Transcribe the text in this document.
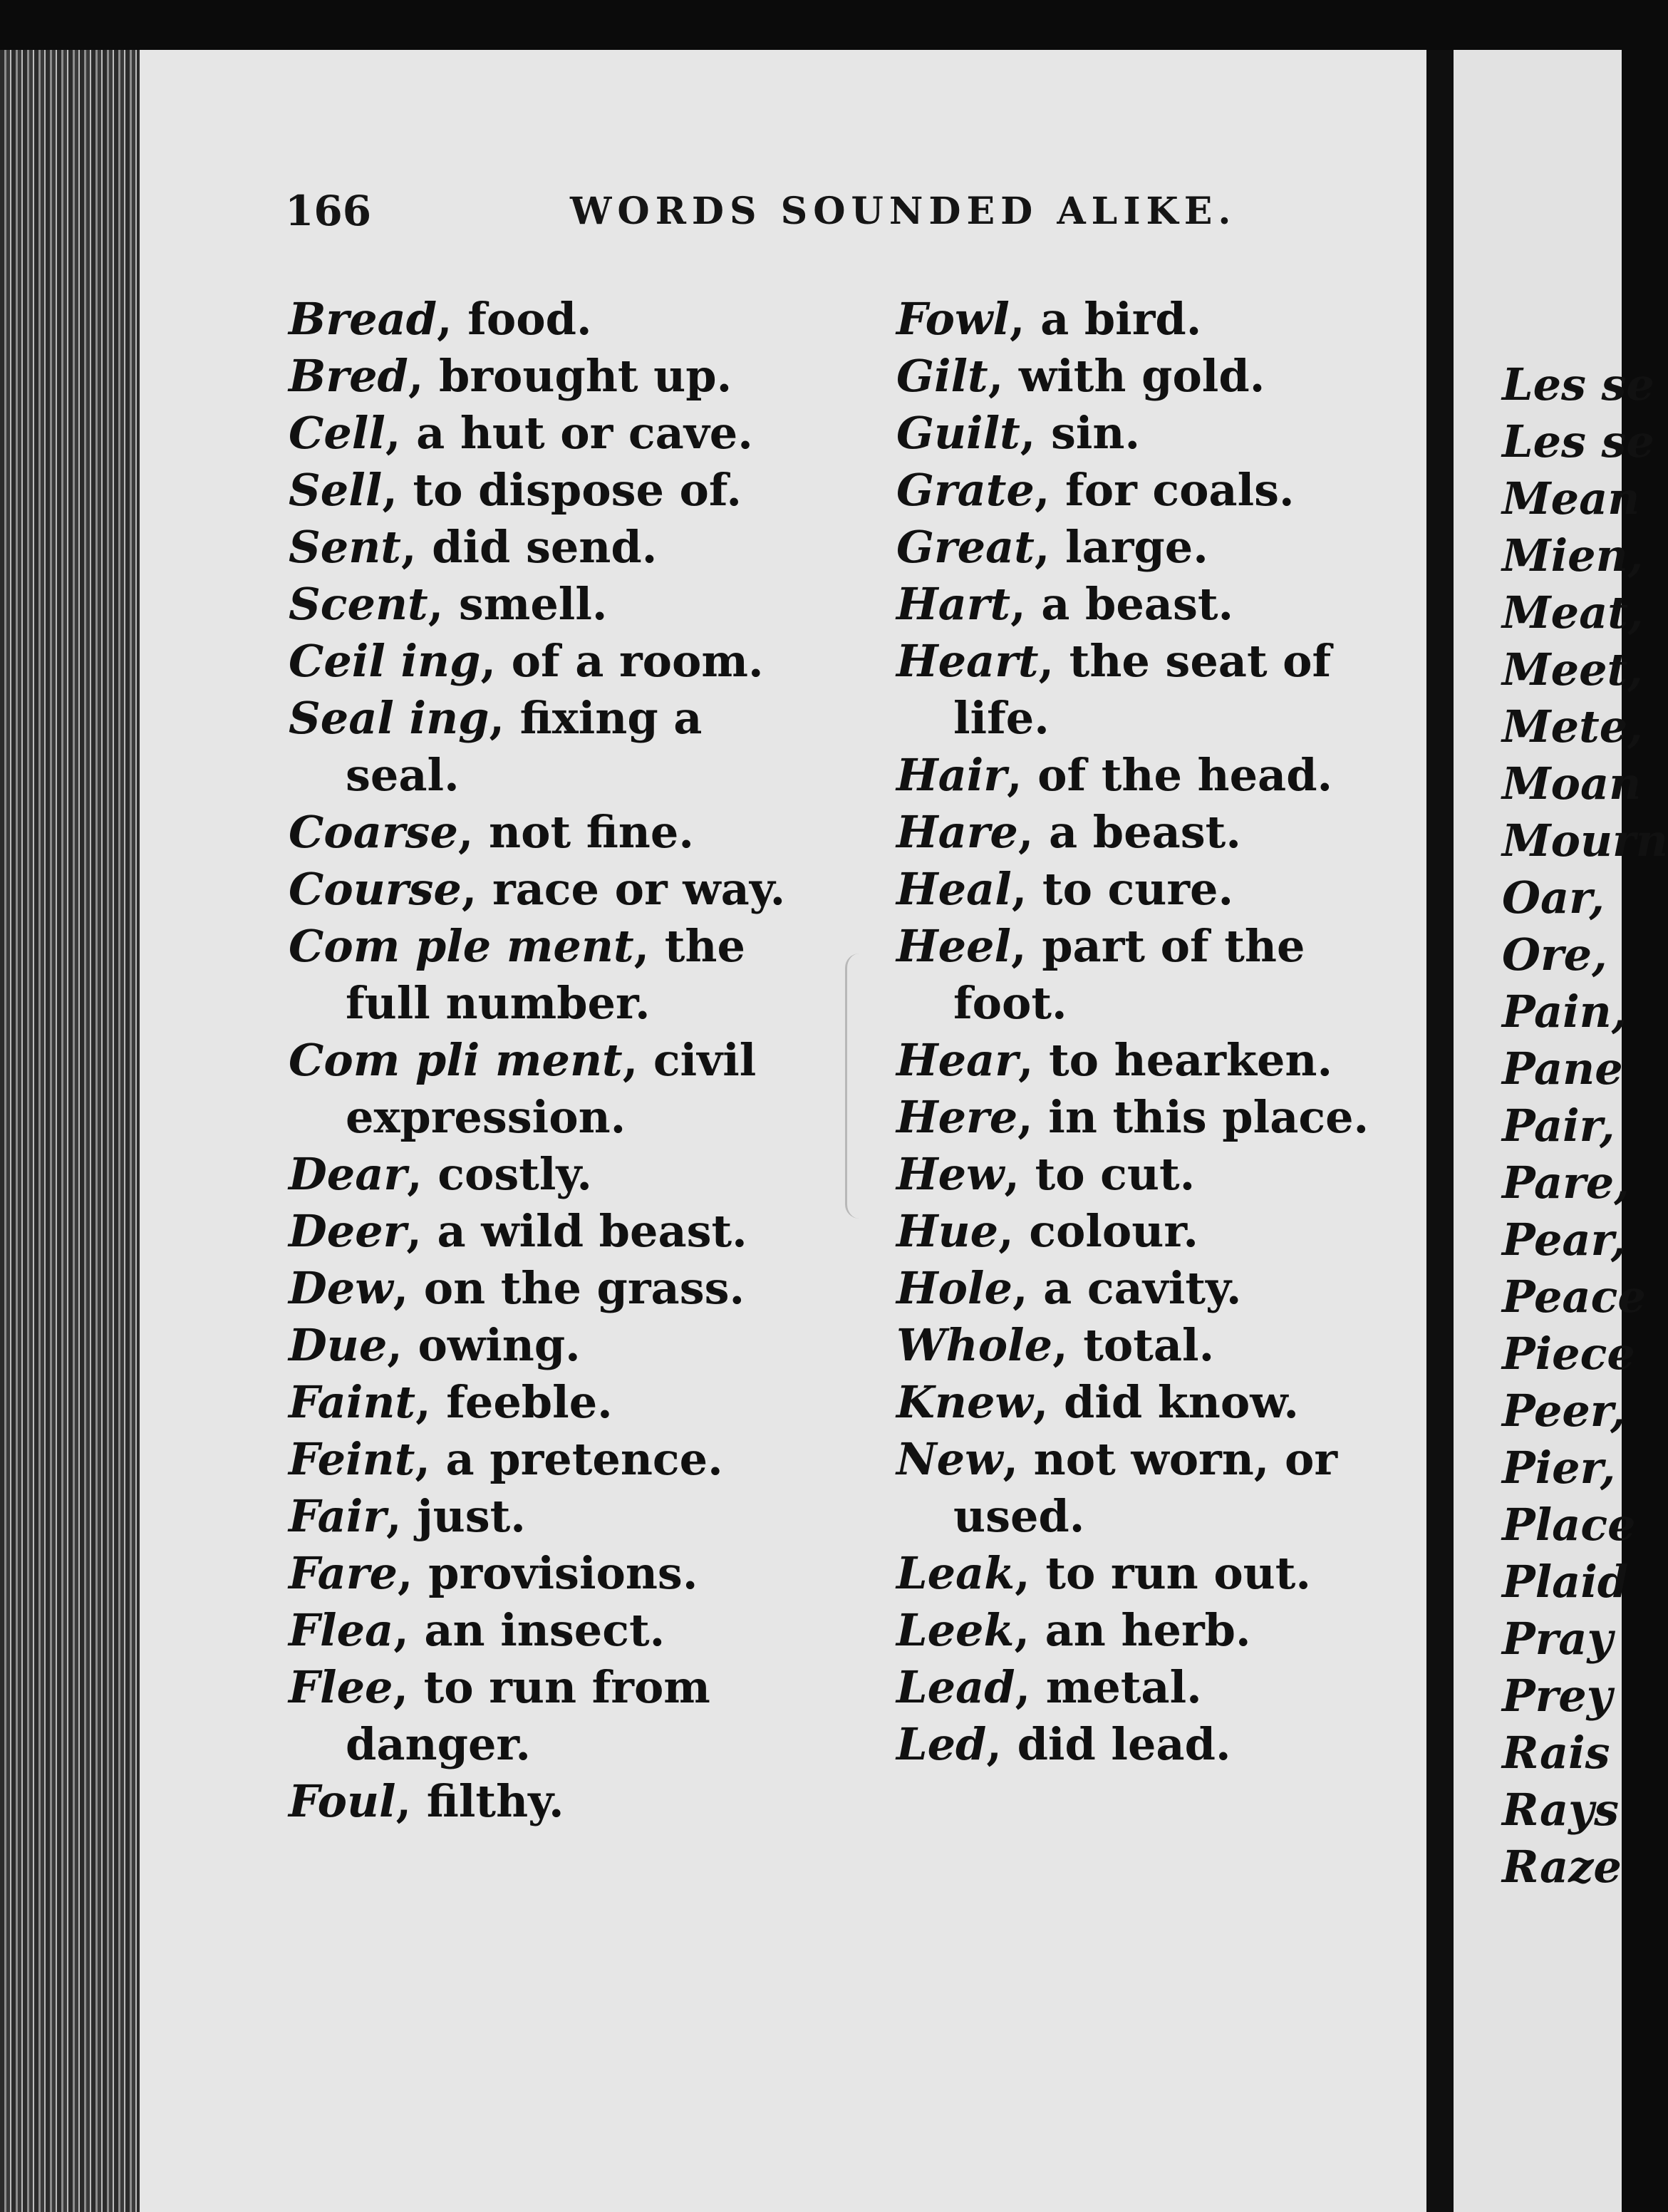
166	WORDS SOUNDED ALIKE.
Bread, food.
Bred, brought up.
Cell, a hut or cave.
Sell, to dispose of.
Sent, did send.
Scent, smell.
Ceil ing, of a room.
Seal ing, fixing a seal.
Coarse, not fine.
Course, race or way.
Com ple ment, the full number.
Com pli ment, civil expression.
Dear, costly.
Deer, a wild beast.
Dew, on the grass.
Due, owing.
Faint, feeble.
Feint, a pretence.
Fair, just.
Fare, provisions.
Flea, an insect.
Flee, to run from danger.
Foul, filthy.
Fowl, a bird.
Gilt, with gold.
Guilt, sin.
Grate, for coals.
Great, large.
Hart, a beast.
Heart, the seat of life.
Hair, of the head.
Hare, a beast.
Heal, to cure.
Heel, part of the foot.
Hear, to hearken.
Here, in this place.
Hew, to cut.
Hue, colour.
Hole, a cavity.
Whole, total.
Knew, did know.
New, not worn, or used.
Leak, to run out.
Leek, an herb.
Lead, metal.
Led, did lead.
Les se
Les se
Mean
Mien,
Meat,
Meet,
Mete,
Moan
Mourn
Oar,
Ore,
Pain,
Pane
Pair,
Pare,
Pear,
Peace
Piece
Peer,
Pier,
Place
Plaid
Pray
Prey
Rais
Rays
Raze
